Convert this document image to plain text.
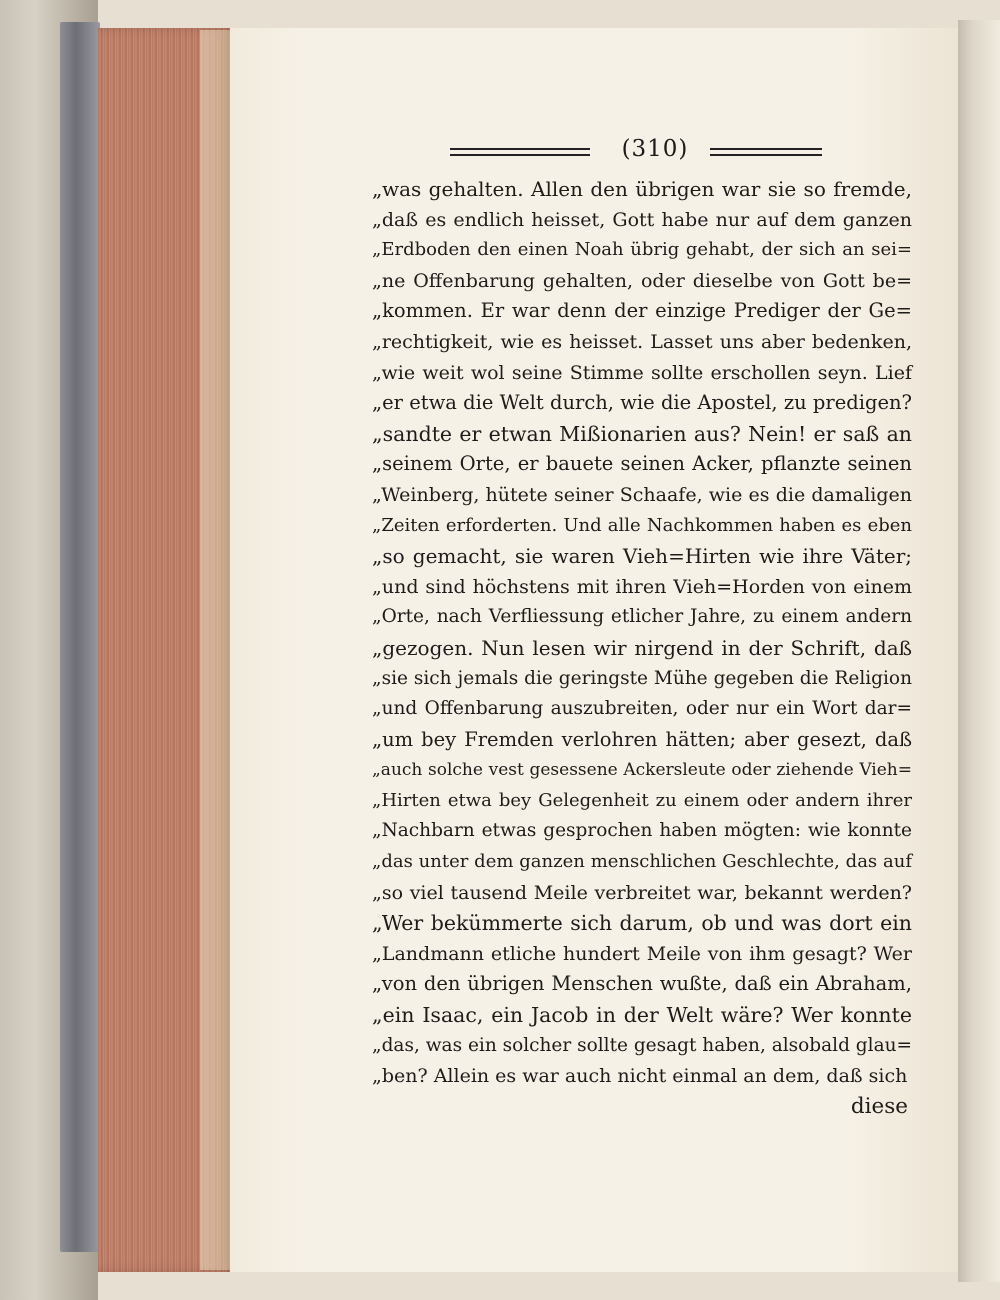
(310)
„was gehalten. Allen den übrigen war sie so fremde,
„daß es endlich heisset, Gott habe nur auf dem ganzen
„Erdboden den einen Noah übrig gehabt, der sich an sei=
„ne Offenbarung gehalten, oder dieselbe von Gott be=
„kommen. Er war denn der einzige Prediger der Ge=
„rechtigkeit, wie es heisset. Lasset uns aber bedenken,
„wie weit wol seine Stimme sollte erschollen seyn. Lief
„er etwa die Welt durch, wie die Apostel, zu predigen?
„sandte er etwan Mißionarien aus? Nein! er saß an
„seinem Orte, er bauete seinen Acker, pflanzte seinen
„Weinberg, hütete seiner Schaafe, wie es die damaligen
„Zeiten erforderten. Und alle Nachkommen haben es eben
„so gemacht, sie waren Vieh=Hirten wie ihre Väter;
„und sind höchstens mit ihren Vieh=Horden von einem
„Orte, nach Verfliessung etlicher Jahre, zu einem andern
„gezogen. Nun lesen wir nirgend in der Schrift, daß
„sie sich jemals die geringste Mühe gegeben die Religion
„und Offenbarung auszubreiten, oder nur ein Wort dar=
„um bey Fremden verlohren hätten; aber gesezt, daß
„auch solche vest gesessene Ackersleute oder ziehende Vieh=
„Hirten etwa bey Gelegenheit zu einem oder andern ihrer
„Nachbarn etwas gesprochen haben mögten: wie konnte
„das unter dem ganzen menschlichen Geschlechte, das auf
„so viel tausend Meile verbreitet war, bekannt werden?
„Wer bekümmerte sich darum, ob und was dort ein
„Landmann etliche hundert Meile von ihm gesagt? Wer
„von den übrigen Menschen wußte, daß ein Abraham,
„ein Isaac, ein Jacob in der Welt wäre? Wer konnte
„das, was ein solcher sollte gesagt haben, alsobald glau=
„ben? Allein es war auch nicht einmal an dem, daß sich
diese
